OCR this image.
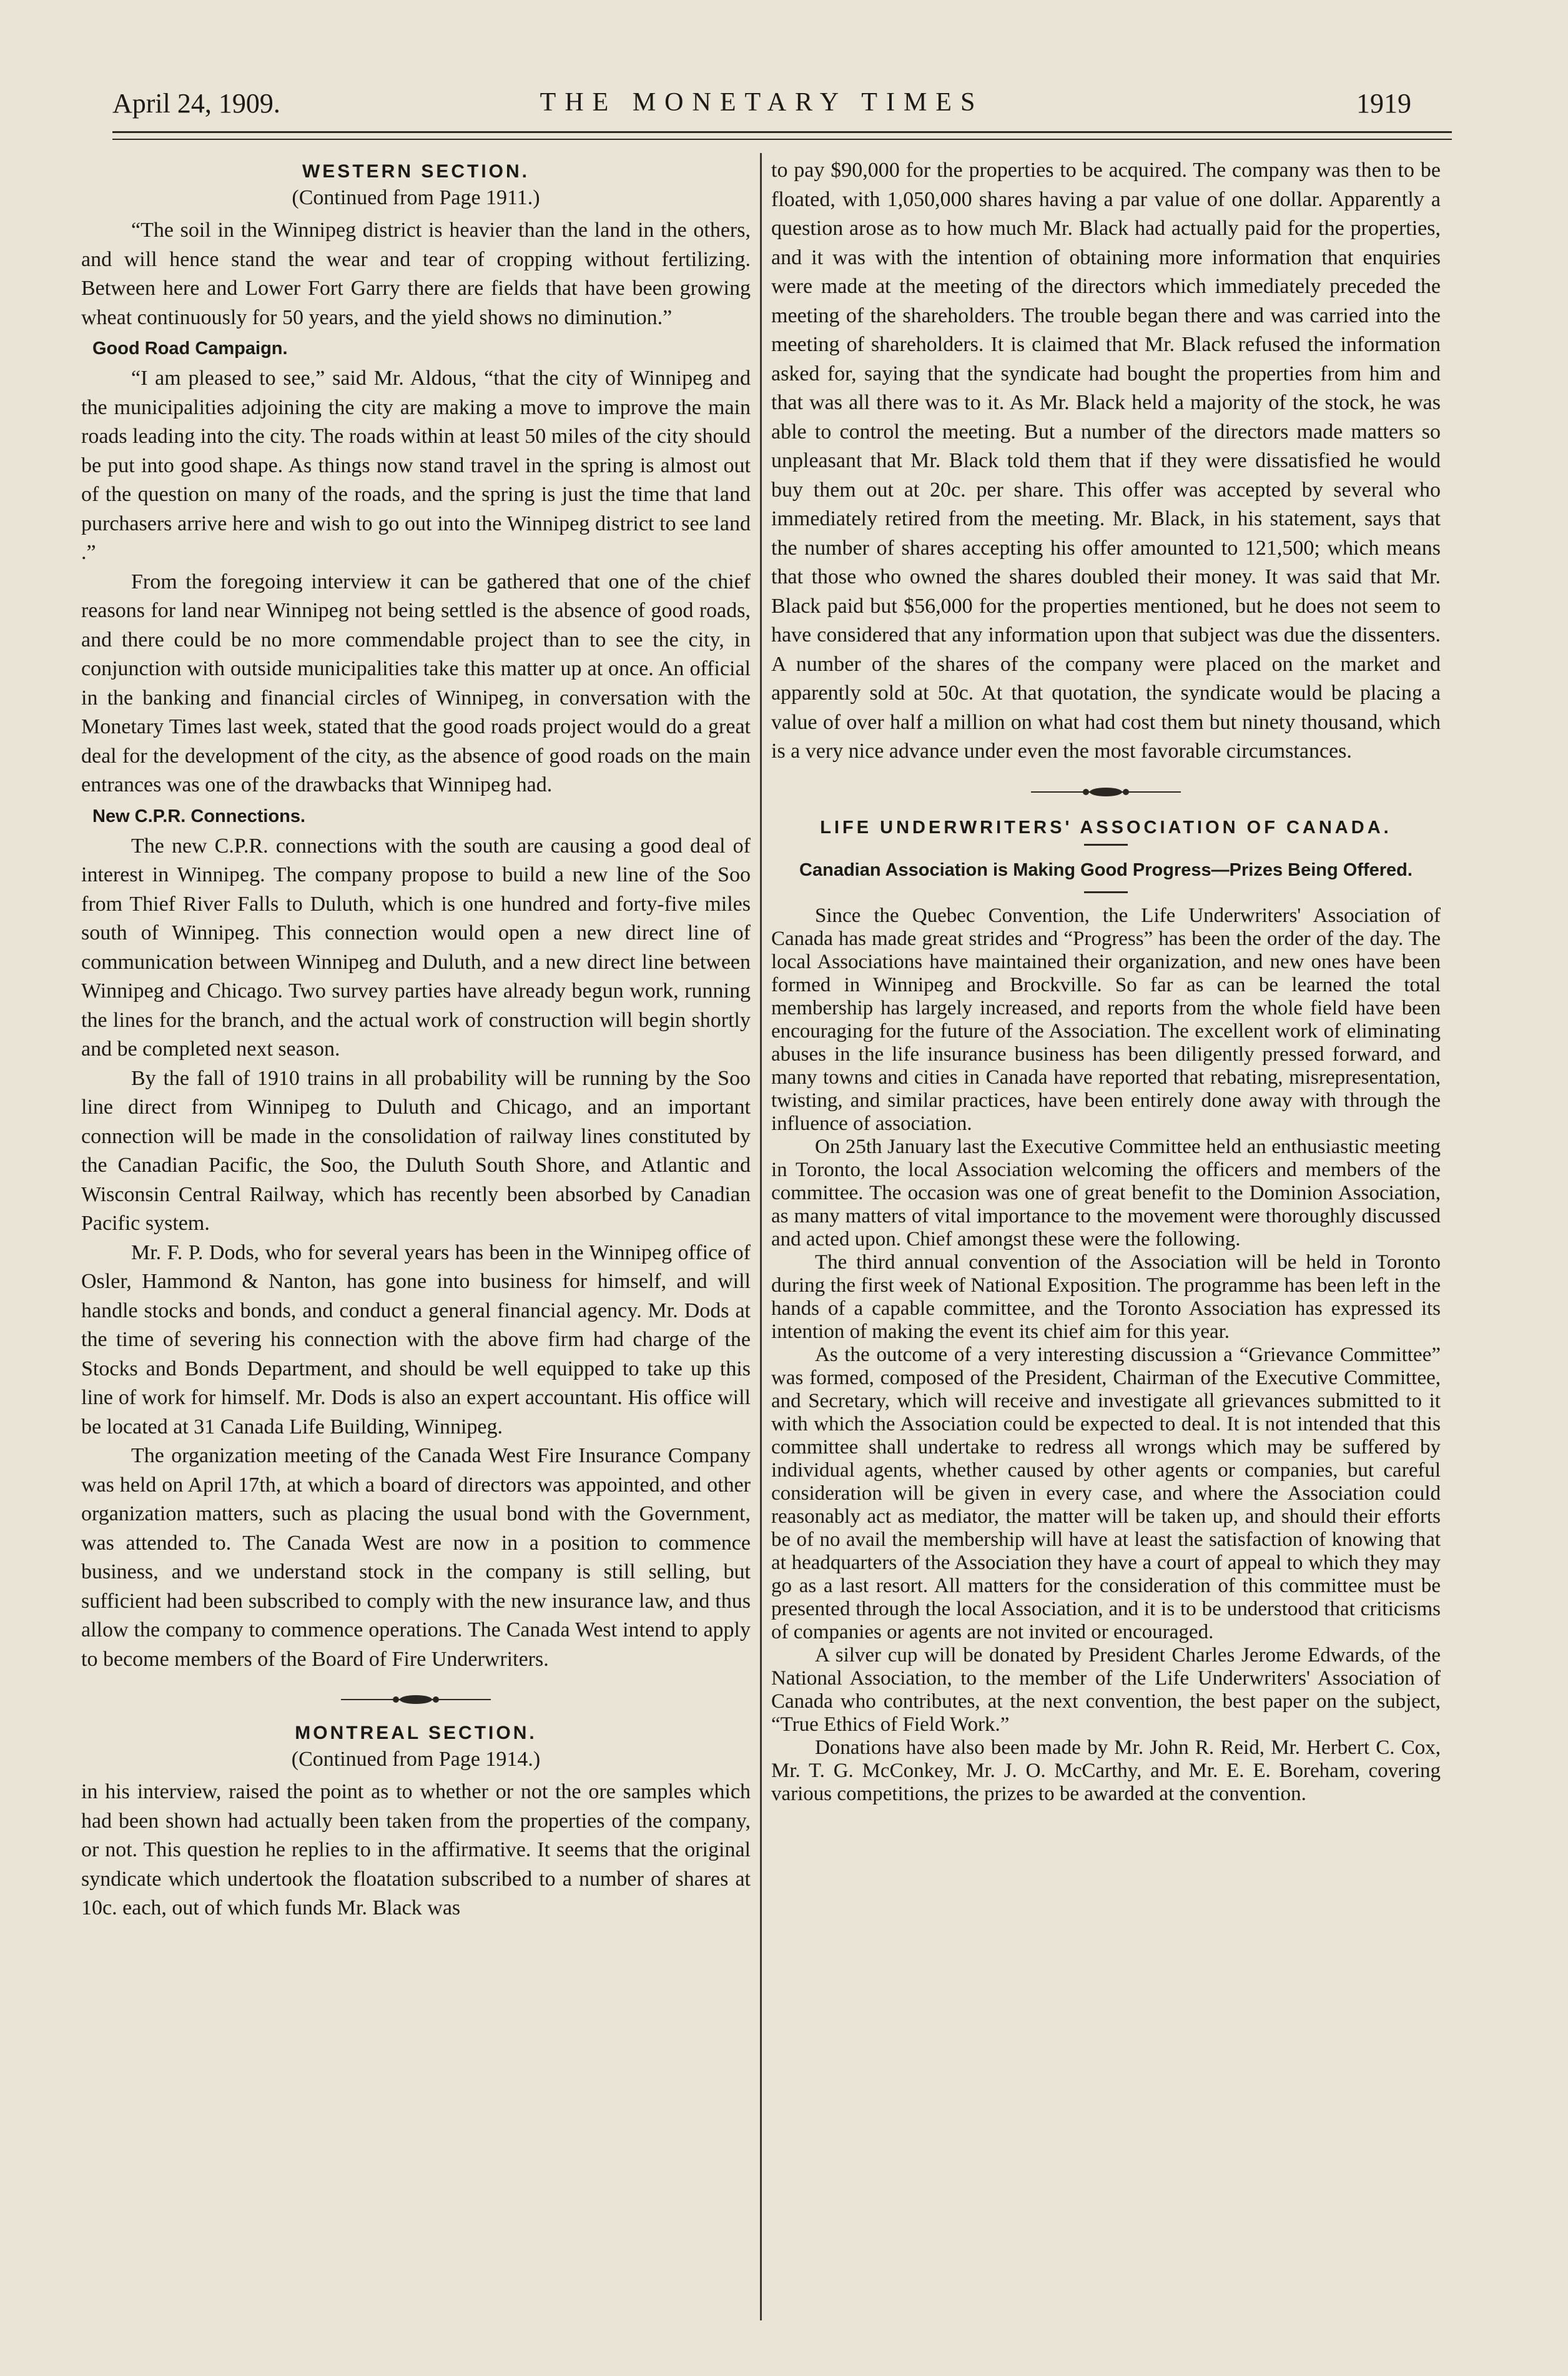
April 24, 1909.	THE MONETARY TIMES	1919
WESTERN SECTION.
(Continued from Page 1911.)

“The soil in the Winnipeg district is heavier than the land in the others, and will hence stand the wear and tear of cropping without fertilizing. Between here and Lower Fort Garry there are fields that have been growing wheat continuously for 50 years, and the yield shows no diminution.”

Good Road Campaign.

“I am pleased to see,” said Mr. Aldous, “that the city of Winnipeg and the municipalities adjoining the city are making a move to improve the main roads leading into the city. The roads within at least 50 miles of the city should be put into good shape. As things now stand travel in the spring is almost out of the question on many of the roads, and the spring is just the time that land purchasers arrive here and wish to go out into the Winnipeg district to see land .”

From the foregoing interview it can be gathered that one of the chief reasons for land near Winnipeg not being settled is the absence of good roads, and there could be no more commendable project than to see the city, in conjunction with outside municipalities take this matter up at once. An official in the banking and financial circles of Winnipeg, in conversation with the Monetary Times last week, stated that the good roads project would do a great deal for the development of the city, as the absence of good roads on the main entrances was one of the drawbacks that Winnipeg had.

New C.P.R. Connections.

The new C.P.R. connections with the south are causing a good deal of interest in Winnipeg. The company propose to build a new line of the Soo from Thief River Falls to Duluth, which is one hundred and forty-five miles south of Winnipeg. This connection would open a new direct line of communication between Winnipeg and Duluth, and a new direct line between Winnipeg and Chicago. Two survey parties have already begun work, running the lines for the branch, and the actual work of construction will begin shortly and be completed next season.

By the fall of 1910 trains in all probability will be running by the Soo line direct from Winnipeg to Duluth and Chicago, and an important connection will be made in the consolidation of railway lines constituted by the Canadian Pacific, the Soo, the Duluth South Shore, and Atlantic and Wisconsin Central Railway, which has recently been absorbed by Canadian Pacific system.

Mr. F. P. Dods, who for several years has been in the Winnipeg office of Osler, Hammond & Nanton, has gone into business for himself, and will handle stocks and bonds, and conduct a general financial agency. Mr. Dods at the time of severing his connection with the above firm had charge of the Stocks and Bonds Department, and should be well equipped to take up this line of work for himself. Mr. Dods is also an expert accountant. His office will be located at 31 Canada Life Building, Winnipeg.

The organization meeting of the Canada West Fire Insurance Company was held on April 17th, at which a board of directors was appointed, and other organization matters, such as placing the usual bond with the Government, was attended to. The Canada West are now in a position to commence business, and we understand stock in the company is still selling, but sufficient had been subscribed to comply with the new insurance law, and thus allow the company to commence operations. The Canada West intend to apply to become members of the Board of Fire Underwriters.

MONTREAL SECTION.
(Continued from Page 1914.)

in his interview, raised the point as to whether or not the ore samples which had been shown had actually been taken from the properties of the company, or not. This question he replies to in the affirmative. It seems that the original syndicate which undertook the floatation subscribed to a number of shares at 10c. each, out of which funds Mr. Black was

to pay $90,000 for the properties to be acquired. The company was then to be floated, with 1,050,000 shares having a par value of one dollar. Apparently a question arose as to how much Mr. Black had actually paid for the properties, and it was with the intention of obtaining more information that enquiries were made at the meeting of the directors which immediately preceded the meeting of the shareholders. The trouble began there and was carried into the meeting of shareholders. It is claimed that Mr. Black refused the information asked for, saying that the syndicate had bought the properties from him and that was all there was to it. As Mr. Black held a majority of the stock, he was able to control the meeting. But a number of the directors made matters so unpleasant that Mr. Black told them that if they were dissatisfied he would buy them out at 20c. per share. This offer was accepted by several who immediately retired from the meeting. Mr. Black, in his statement, says that the number of shares accepting his offer amounted to 121,500; which means that those who owned the shares doubled their money. It was said that Mr. Black paid but $56,000 for the properties mentioned, but he does not seem to have considered that any information upon that subject was due the dissenters. A number of the shares of the company were placed on the market and apparently sold at 50c. At that quotation, the syndicate would be placing a value of over half a million on what had cost them but ninety thousand, which is a very nice advance under even the most favorable circumstances.

LIFE UNDERWRITERS' ASSOCIATION OF CANADA.
Canadian Association is Making Good Progress—Prizes Being Offered.

Since the Quebec Convention, the Life Underwriters' Association of Canada has made great strides and “Progress” has been the order of the day. The local Associations have maintained their organization, and new ones have been formed in Winnipeg and Brockville. So far as can be learned the total membership has largely increased, and reports from the whole field have been encouraging for the future of the Association. The excellent work of eliminating abuses in the life insurance business has been diligently pressed forward, and many towns and cities in Canada have reported that rebating, misrepresentation, twisting, and similar practices, have been entirely done away with through the influence of association.

On 25th January last the Executive Committee held an enthusiastic meeting in Toronto, the local Association welcoming the officers and members of the committee. The occasion was one of great benefit to the Dominion Association, as many matters of vital importance to the movement were thoroughly discussed and acted upon. Chief amongst these were the following.

The third annual convention of the Association will be held in Toronto during the first week of National Exposition. The programme has been left in the hands of a capable committee, and the Toronto Association has expressed its intention of making the event its chief aim for this year.

As the outcome of a very interesting discussion a “Grievance Committee” was formed, composed of the President, Chairman of the Executive Committee, and Secretary, which will receive and investigate all grievances submitted to it with which the Association could be expected to deal. It is not intended that this committee shall undertake to redress all wrongs which may be suffered by individual agents, whether caused by other agents or companies, but careful consideration will be given in every case, and where the Association could reasonably act as mediator, the matter will be taken up, and should their efforts be of no avail the membership will have at least the satisfaction of knowing that at headquarters of the Association they have a court of appeal to which they may go as a last resort. All matters for the consideration of this committee must be presented through the local Association, and it is to be understood that criticisms of companies or agents are not invited or encouraged.

A silver cup will be donated by President Charles Jerome Edwards, of the National Association, to the member of the Life Underwriters' Association of Canada who contributes, at the next convention, the best paper on the subject, “True Ethics of Field Work.”

Donations have also been made by Mr. John R. Reid, Mr. Herbert C. Cox, Mr. T. G. McConkey, Mr. J. O. McCarthy, and Mr. E. E. Boreham, covering various competitions, the prizes to be awarded at the convention.
